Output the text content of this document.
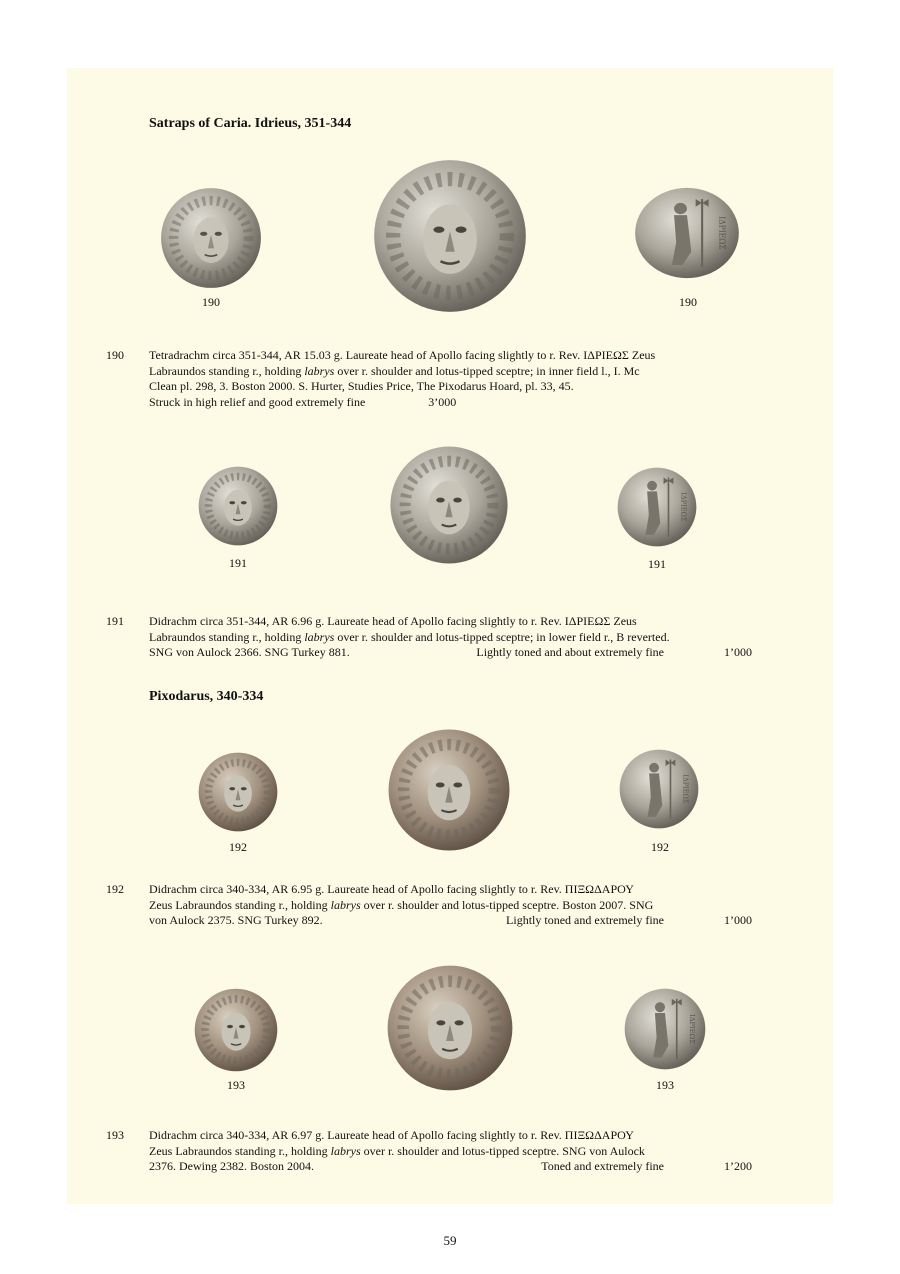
Satraps of Caria. Idrieus, 351-344
190	190
190 Tetradrachm circa 351-344, AR 15.03 g. Laureate head of Apollo facing slightly to r. Rev. ΙΔΡΙΕΩΣ Zeus
Labraundos standing r., holding labrys over r. shoulder and lotus-tipped sceptre; in inner field l., I. Mc
Clean pl. 298, 3. Boston 2000. S. Hurter, Studies Price, The Pixodarus Hoard, pl. 33, 45.
Struck in high relief and good extremely fine	3’000
191	191
191 Didrachm circa 351-344, AR 6.96 g. Laureate head of Apollo facing slightly to r. Rev. ΙΔΡΙΕΩΣ Zeus
Labraundos standing r., holding labrys over r. shoulder and lotus-tipped sceptre; in lower field r., B reverted.
SNG von Aulock 2366. SNG Turkey 881.	Lightly toned and about extremely fine	1’000
Pixodarus, 340-334
192	192
192 Didrachm circa 340-334, AR 6.95 g. Laureate head of Apollo facing slightly to r. Rev. ΠΙΞΩΔΑΡΟΥ
Zeus Labraundos standing r., holding labrys over r. shoulder and lotus-tipped sceptre. Boston 2007. SNG
von Aulock 2375. SNG Turkey 892.	Lightly toned and extremely fine	1’000
193	193
193 Didrachm circa 340-334, AR 6.97 g. Laureate head of Apollo facing slightly to r. Rev. ΠΙΞΩΔΑΡΟΥ
Zeus Labraundos standing r., holding labrys over r. shoulder and lotus-tipped sceptre. SNG von Aulock
2376. Dewing 2382. Boston 2004.	Toned and extremely fine	1’200
59
